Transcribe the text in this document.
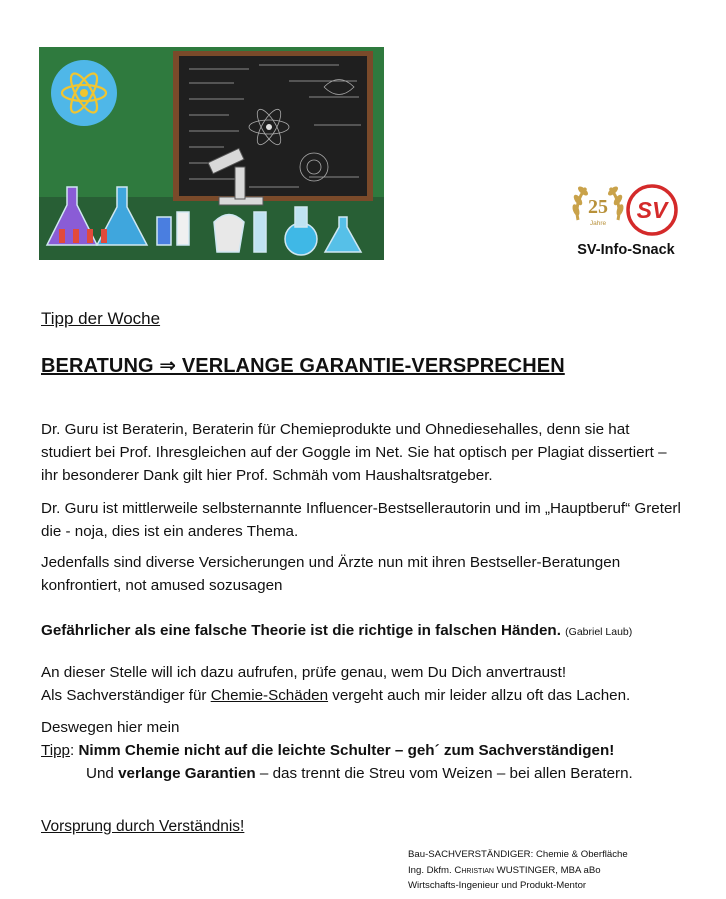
25
Jahre
SV
SV-Info-Snack
Tipp der Woche
BERATUNG ⇒ VERLANGE GARANTIE-VERSPRECHEN
Dr. Guru ist Beraterin, Beraterin für Chemieprodukte und Ohnediesehalles, denn sie hat studiert bei Prof. Ihresgleichen auf der Goggle im Net. Sie hat optisch per Plagiat dissertiert – ihr besonderer Dank gilt hier Prof. Schmäh vom Haushaltsratgeber.
Dr. Guru ist mittlerweile selbsternannte Influencer-Bestsellerautorin und im „Hauptberuf“ Greterl die - noja, dies ist ein anderes Thema.
Jedenfalls sind diverse Versicherungen und Ärzte nun mit ihren Bestseller-Beratungen konfrontiert, not amused sozusagen
Gefährlicher als eine falsche Theorie ist die richtige in falschen Händen. (Gabriel Laub)
An dieser Stelle will ich dazu aufrufen, prüfe genau, wem Du Dich anvertraust!
Als Sachverständiger für Chemie-Schäden vergeht auch mir leider allzu oft das Lachen.
Deswegen hier mein
Tipp: Nimm Chemie nicht auf die leichte Schulter – geh´ zum Sachverständigen!
Und verlange Garantien – das trennt die Streu vom Weizen – bei allen Beratern.
Vorsprung durch Verständnis!
Bau-SACHVERSTÄNDIGER: Chemie & Oberfläche
Ing. Dkfm. Christian WUSTINGER, MBA aBo
Wirtschafts-Ingenieur und Produkt-Mentor
